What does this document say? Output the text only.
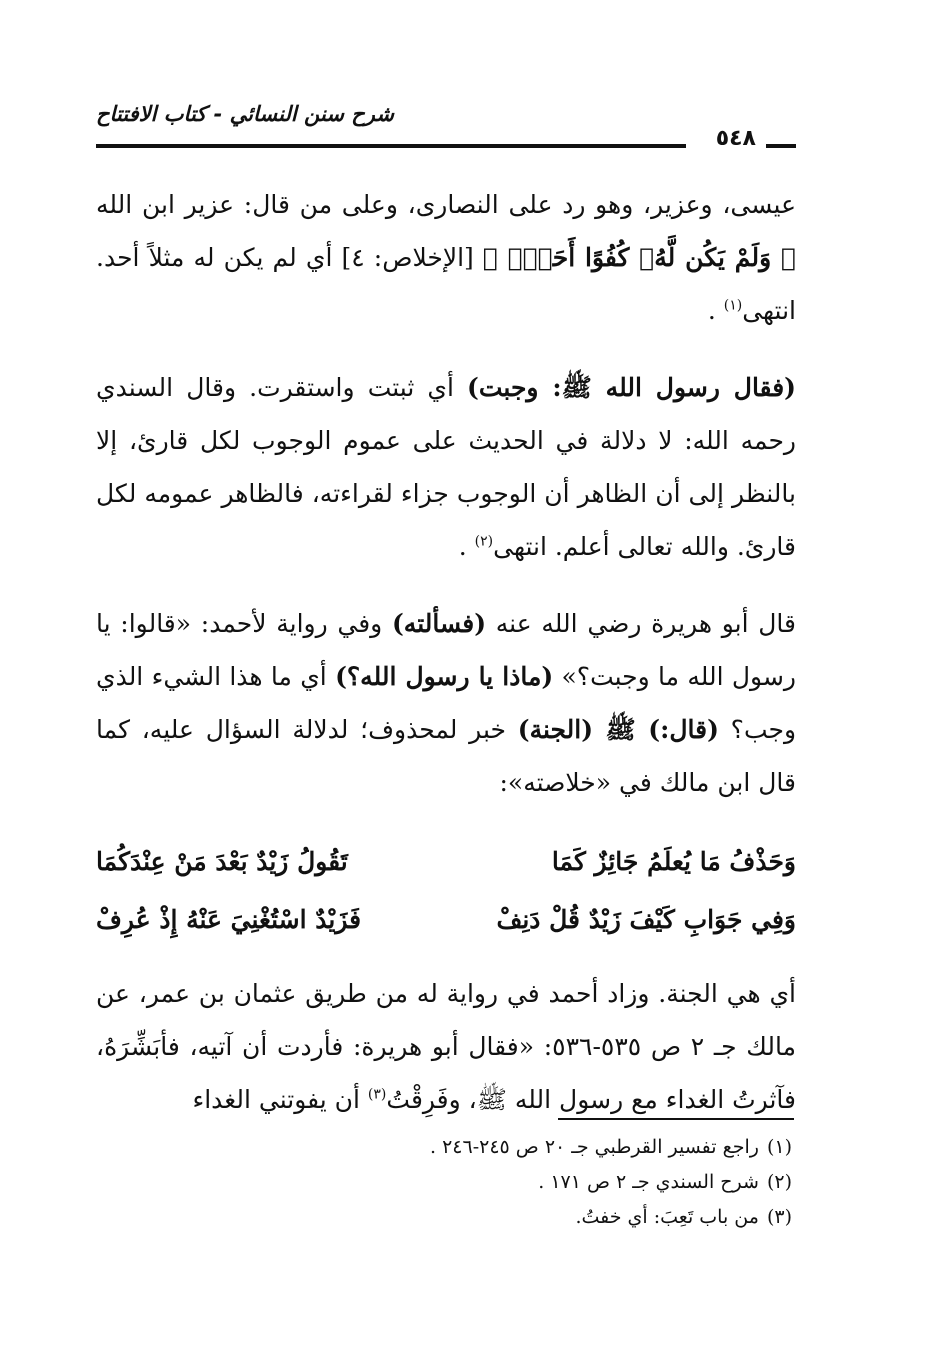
شرح سنن النسائي - كتاب الافتتاح
٥٤٨

عيسى، وعزير، وهو رد على النصارى، وعلى من قال: عزير ابن الله ﴿ وَلَمْ يَكُن لَّهُۥ كُفُوًا أَحَدٌۢ ﴾ [الإخلاص: ٤] أي لم يكن له مثلاً أحد. انتهى$^{(١)}$ .

(فقال رسول الله ﷺ: وجبت) أي ثبتت واستقرت. وقال السندي رحمه الله: لا دلالة في الحديث على عموم الوجوب لكل قارئ، إلا بالنظر إلى أن الظاهر أن الوجوب جزاء لقراءته، فالظاهر عمومه لكل قارئ. والله تعالى أعلم. انتهى$^{(٢)}$ .

قال أبو هريرة رضي الله عنه (فسألته) وفي رواية لأحمد: «قالوا: يا رسول الله ما وجبت؟» (ماذا يا رسول الله؟) أي ما هذا الشيء الذي وجب؟ (قال:) ﷺ (الجنة) خبر لمحذوف؛ لدلالة السؤال عليه، كما قال ابن مالك في «خلاصته»:

وَحَذْفُ مَا يُعلَمُ جَائِزٌ كَمَا
تَقُولُ زَيْدٌ بَعْدَ مَنْ عِنْدَكُمَا
وَفِي جَوَابِ كَيْفَ زَيْدٌ قُلْ دَنِفْ
فَزَيْدٌ اسْتُغْنِيَ عَنْهُ إِذْ عُرِفْ

أي هي الجنة. وزاد أحمد في رواية له من طريق عثمان بن عمر، عن مالك جـ ٢ ص ٥٣٥-٥٣٦: «فقال أبو هريرة: فأردت أن آتيه، فأبَشِّرَهُ، فآثرتُ الغداء مع رسول الله ﷺ، وفَرِقْتُ$^{(٣)}$ أن يفوتني الغداء

(١)راجع تفسير القرطبي جـ ٢٠ ص ٢٤٥-٢٤٦ .
(٢)شرح السندي جـ ٢ ص ١٧١ .
(٣)من باب تَعِبَ: أي خفتُ.
